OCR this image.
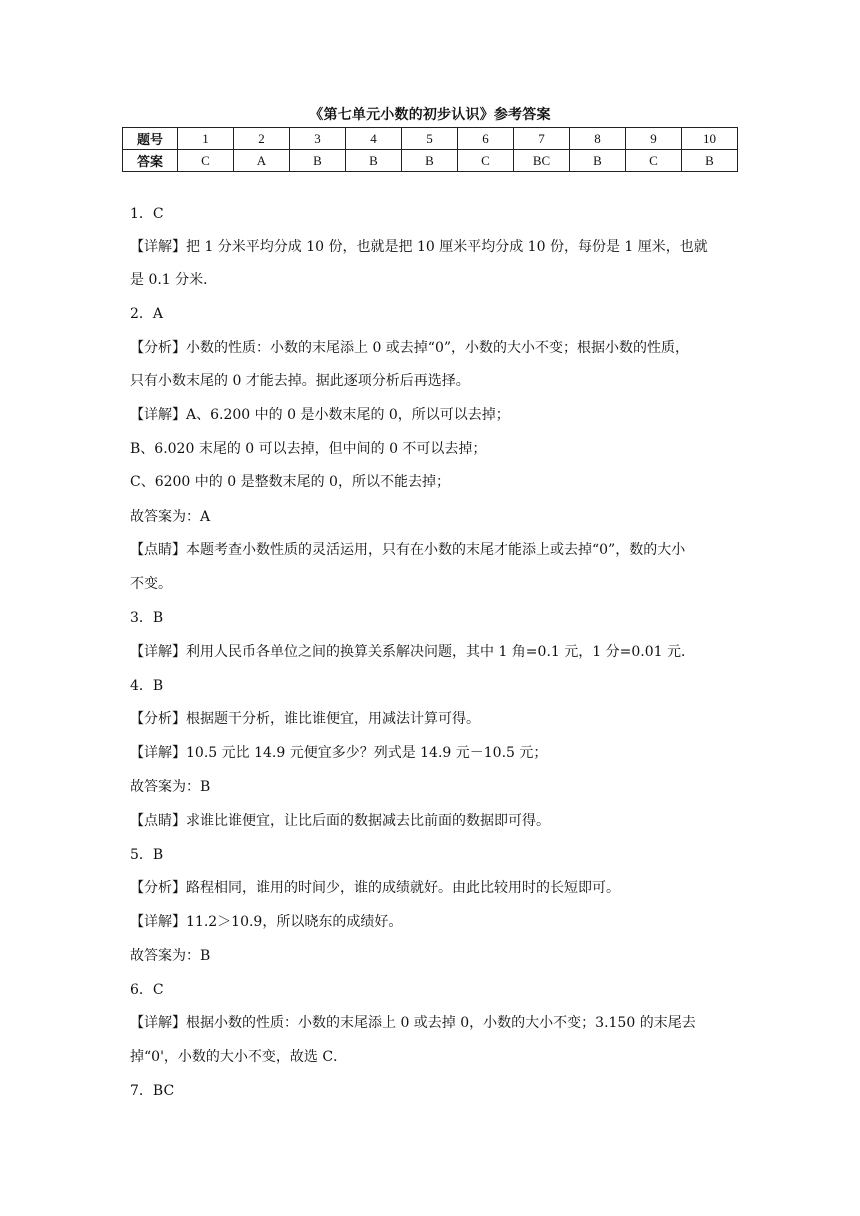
《第七单元小数的初步认识》参考答案
题号	1	2	3	4	5	6	7	8	9	10
答案	C	A	B	B	B	C	BC	B	C	B
1．C
【详解】把 1 分米平均分成 10 份，也就是把 10 厘米平均分成 10 份，每份是 1 厘米，也就
是 0.1 分米．
2．A
【分析】小数的性质：小数的末尾添上 0 或去掉“0”，小数的大小不变；根据小数的性质，
只有小数末尾的 0 才能去掉。据此逐项分析后再选择。
【详解】A、6.200 中的 0 是小数末尾的 0，所以可以去掉；
B、6.020 末尾的 0 可以去掉，但中间的 0 不可以去掉；
C、6200 中的 0 是整数末尾的 0，所以不能去掉；
故答案为：A
【点睛】本题考查小数性质的灵活运用，只有在小数的末尾才能添上或去掉“0”，数的大小
不变。
3．B
【详解】利用人民币各单位之间的换算关系解决问题，其中 1 角=0.1 元，1 分=0.01 元．
4．B
【分析】根据题干分析，谁比谁便宜，用减法计算可得。
【详解】10.5 元比 14.9 元便宜多少？列式是 14.9 元－10.5 元；
故答案为：B
【点睛】求谁比谁便宜，让比后面的数据减去比前面的数据即可得。
5．B
【分析】路程相同，谁用的时间少，谁的成绩就好。由此比较用时的长短即可。
【详解】11.2＞10.9，所以晓东的成绩好。
故答案为：B
6．C
【详解】根据小数的性质：小数的末尾添上 0 或去掉 0，小数的大小不变；3.150 的末尾去
掉“0'，小数的大小不变，故选 C．
7．BC
